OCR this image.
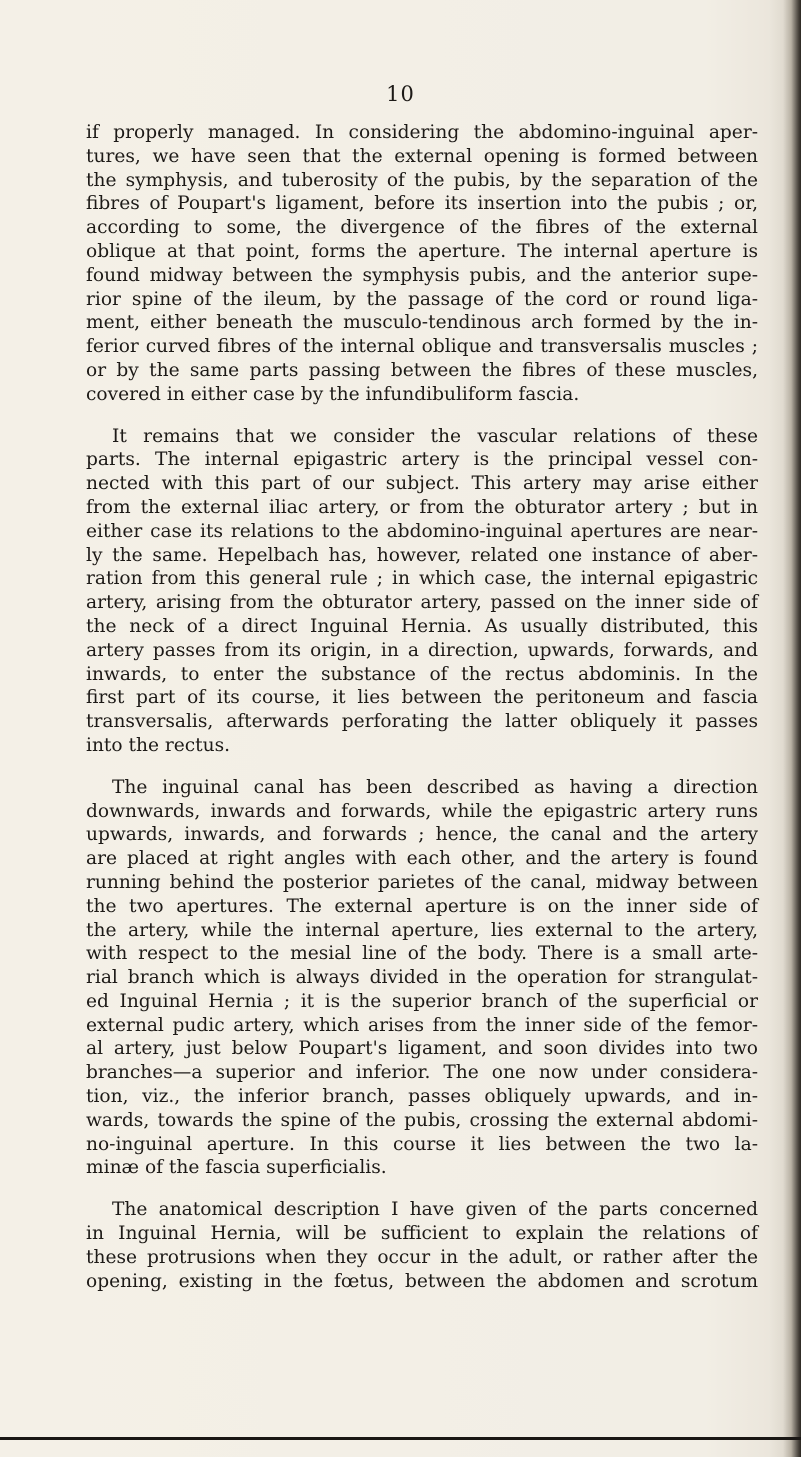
10
if properly managed. In considering the abdomino-inguinal aper-
tures, we have seen that the external opening is formed between
the symphysis, and tuberosity of the pubis, by the separation of the
fibres of Poupart's ligament, before its insertion into the pubis ; or,
according to some, the divergence of the fibres of the external
oblique at that point, forms the aperture. The internal aperture is
found midway between the symphysis pubis, and the anterior supe-
rior spine of the ileum, by the passage of the cord or round liga-
ment, either beneath the musculo-tendinous arch formed by the in-
ferior curved fibres of the internal oblique and transversalis muscles ;
or by the same parts passing between the fibres of these muscles,
covered in either case by the infundibuliform fascia.
It remains that we consider the vascular relations of these
parts. The internal epigastric artery is the principal vessel con-
nected with this part of our subject. This artery may arise either
from the external iliac artery, or from the obturator artery ; but in
either case its relations to the abdomino-inguinal apertures are near-
ly the same. Hepelbach has, however, related one instance of aber-
ration from this general rule ; in which case, the internal epigastric
artery, arising from the obturator artery, passed on the inner side of
the neck of a direct Inguinal Hernia. As usually distributed, this
artery passes from its origin, in a direction, upwards, forwards, and
inwards, to enter the substance of the rectus abdominis. In the
first part of its course, it lies between the peritoneum and fascia
transversalis, afterwards perforating the latter obliquely it passes
into the rectus.
The inguinal canal has been described as having a direction
downwards, inwards and forwards, while the epigastric artery runs
upwards, inwards, and forwards ; hence, the canal and the artery
are placed at right angles with each other, and the artery is found
running behind the posterior parietes of the canal, midway between
the two apertures. The external aperture is on the inner side of
the artery, while the internal aperture, lies external to the artery,
with respect to the mesial line of the body. There is a small arte-
rial branch which is always divided in the operation for strangulat-
ed Inguinal Hernia ; it is the superior branch of the superficial or
external pudic artery, which arises from the inner side of the femor-
al artery, just below Poupart's ligament, and soon divides into two
branches—a superior and inferior. The one now under considera-
tion, viz., the inferior branch, passes obliquely upwards, and in-
wards, towards the spine of the pubis, crossing the external abdomi-
no-inguinal aperture. In this course it lies between the two la-
minæ of the fascia superficialis.
The anatomical description I have given of the parts concerned
in Inguinal Hernia, will be sufficient to explain the relations of
these protrusions when they occur in the adult, or rather after the
opening, existing in the fœtus, between the abdomen and scrotum
